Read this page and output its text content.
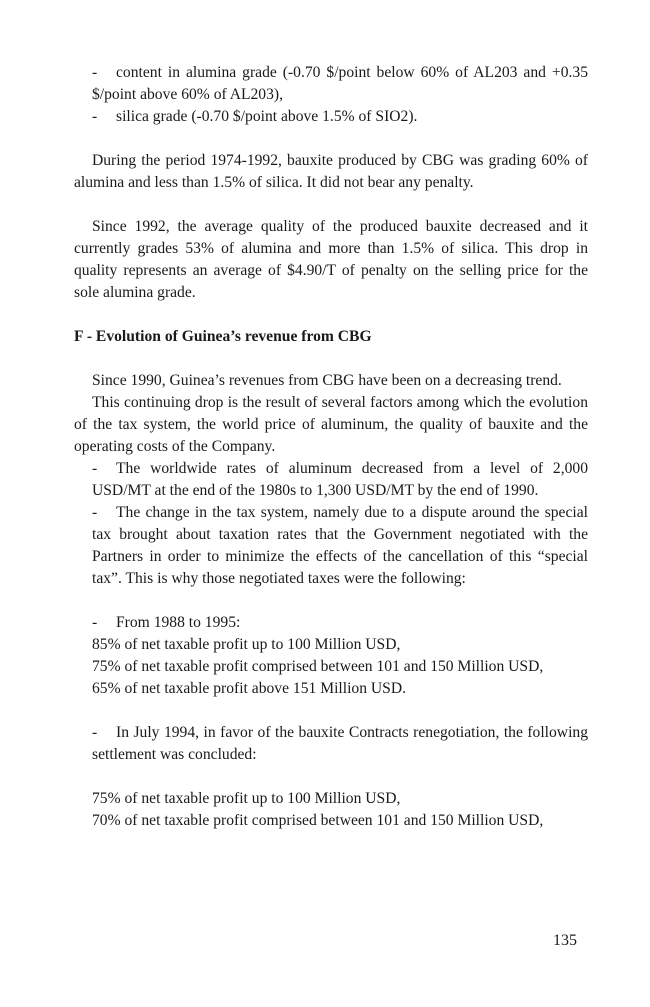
- content in alumina grade (-0.70 $/point below 60% of AL203 and +0.35 $/point above 60% of AL203),

- silica grade (-0.70 $/point above 1.5% of SIO2).

During the period 1974-1992, bauxite produced by CBG was grading 60% of alumina and less than 1.5% of silica. It did not bear any penalty.

Since 1992, the average quality of the produced bauxite decreased and it currently grades 53% of alumina and more than 1.5% of silica. This drop in quality represents an average of $4.90/T of penalty on the selling price for the sole alumina grade.

F - Evolution of Guinea’s revenue from CBG

Since 1990, Guinea’s revenues from CBG have been on a decreasing trend.

This continuing drop is the result of several factors among which the evolution of the tax system, the world price of aluminum, the quality of bauxite and the operating costs of the Company.

- The worldwide rates of aluminum decreased from a level of 2,000 USD/MT at the end of the 1980s to 1,300 USD/MT by the end of 1990.

- The change in the tax system, namely due to a dispute around the special tax brought about taxation rates that the Government negotiated with the Partners in order to minimize the effects of the cancellation of this “special tax”. This is why those negotiated taxes were the following:

- From 1988 to 1995:

85% of net taxable profit up to 100 Million USD,

75% of net taxable profit comprised between 101 and 150 Million USD,

65% of net taxable profit above 151 Million USD.

- In July 1994, in favor of the bauxite Contracts renegotiation, the following settlement was concluded:

75% of net taxable profit up to 100 Million USD,

70% of net taxable profit comprised between 101 and 150 Million USD,

135
